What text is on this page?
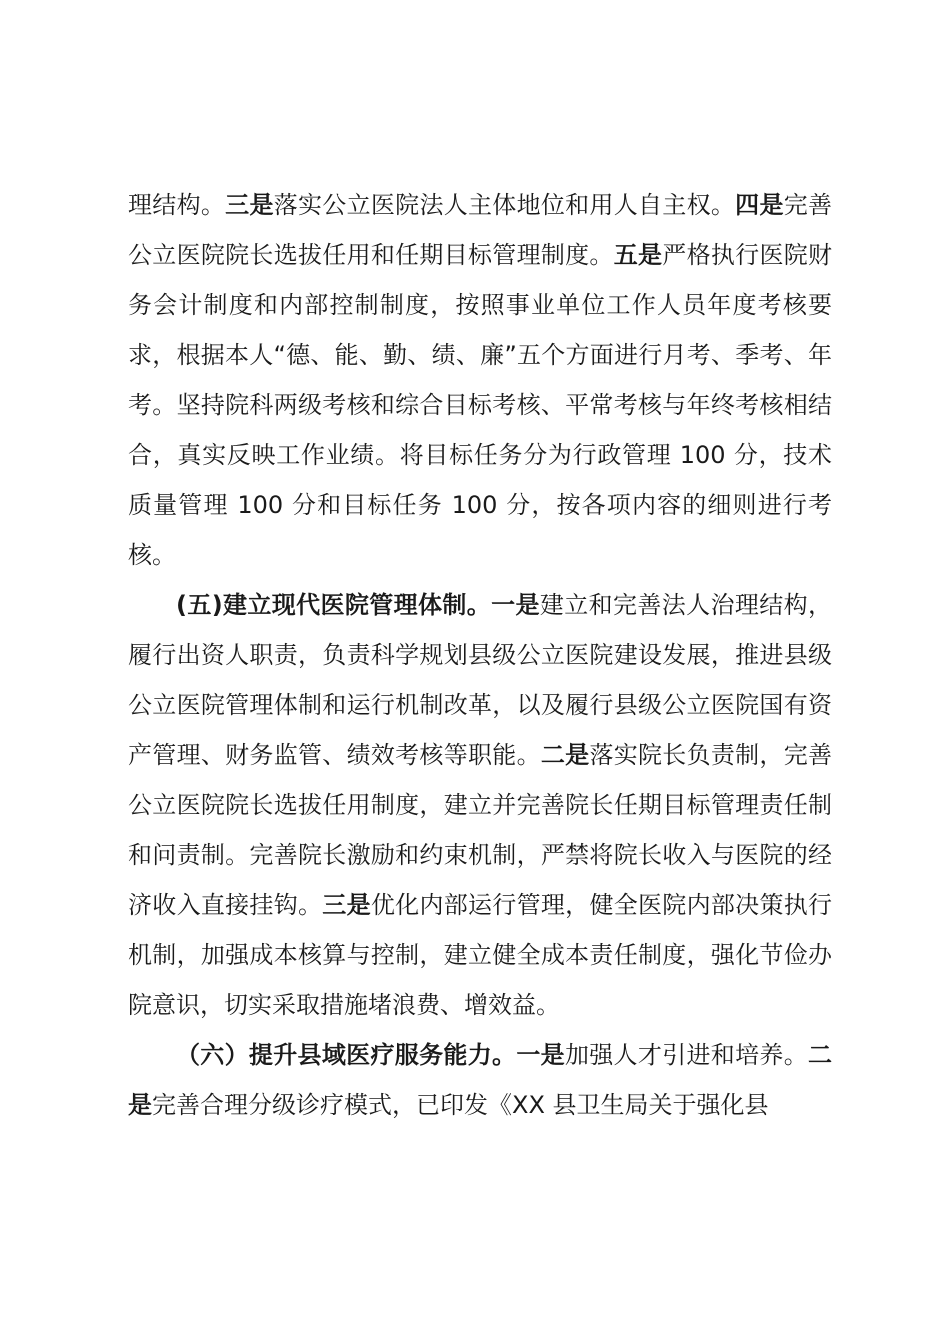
理结构。三是落实公立医院法人主体地位和用人自主权。四是完善公立医院院长选拔任用和任期目标管理制度。五是严格执行医院财务会计制度和内部控制制度，按照事业单位工作人员年度考核要求，根据本人“德、能、勤、绩、廉”五个方面进行月考、季考、年考。坚持院科两级考核和综合目标考核、平常考核与年终考核相结合，真实反映工作业绩。将目标任务分为行政管理 100 分，技术质量管理 100 分和目标任务 100 分，按各项内容的细则进行考核。

(五)建立现代医院管理体制。一是建立和完善法人治理结构，履行出资人职责，负责科学规划县级公立医院建设发展，推进县级公立医院管理体制和运行机制改革，以及履行县级公立医院国有资产管理、财务监管、绩效考核等职能。二是落实院长负责制，完善公立医院院长选拔任用制度，建立并完善院长任期目标管理责任制和问责制。完善院长激励和约束机制，严禁将院长收入与医院的经济收入直接挂钩。三是优化内部运行管理，健全医院内部决策执行机制，加强成本核算与控制，建立健全成本责任制度，强化节俭办院意识，切实采取措施堵浪费、增效益。

（六）提升县域医疗服务能力。一是加强人才引进和培养。二是完善合理分级诊疗模式，已印发《XX 县卫生局关于强化县
